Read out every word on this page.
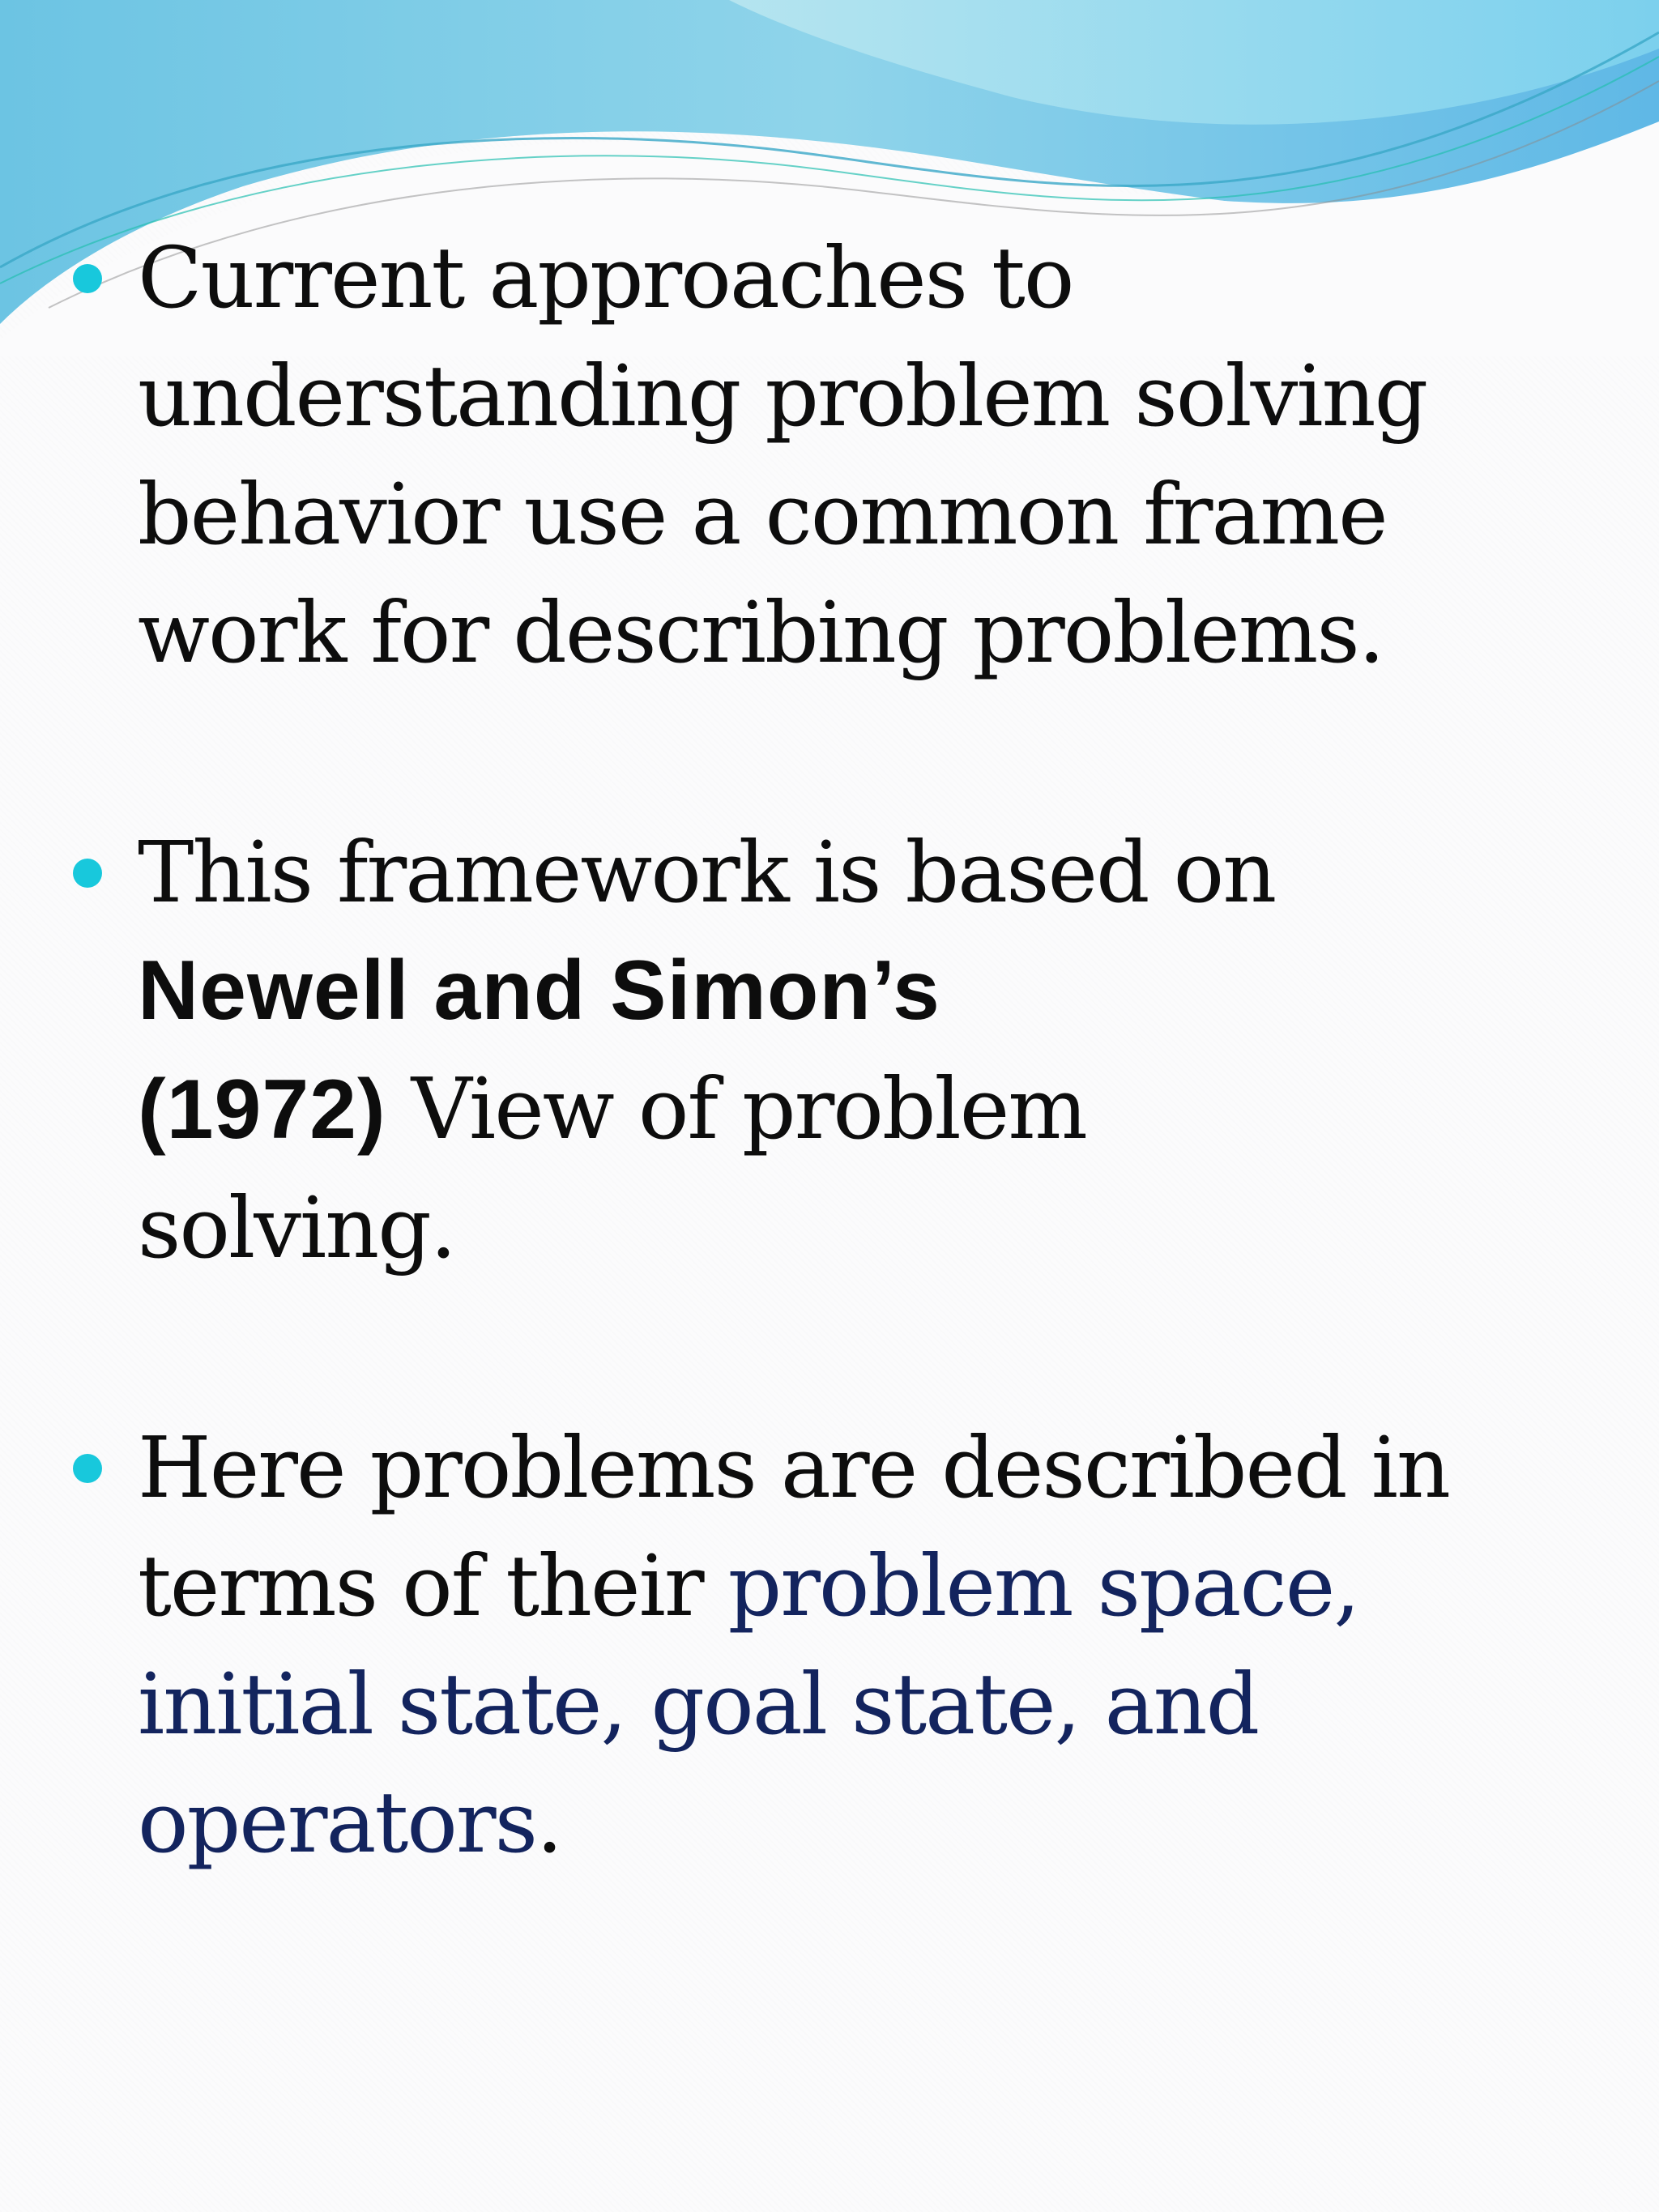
Current approaches to
understanding problem solving
behavior use a common frame
work for describing problems.
This framework is based on
Newell and Simon’s
(1972) View of problem
solving.
Here problems are described in
terms of their problem space,
initial state, goal state, and
operators.
